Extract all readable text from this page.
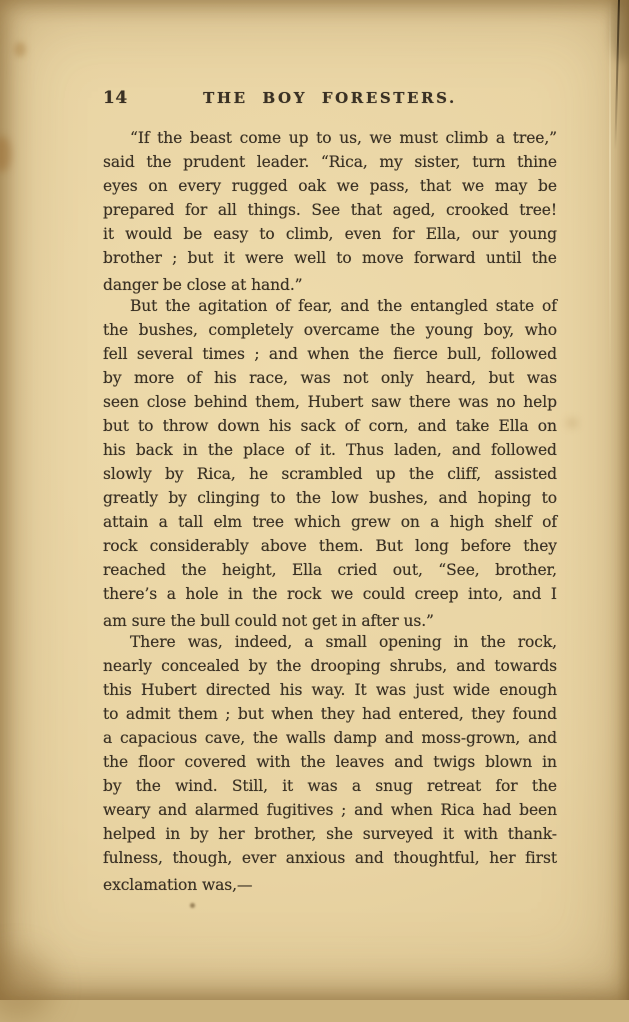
14	THE BOY FORESTERS.
“If the beast come up to us, we must climb a tree,”
said the prudent leader. “Rica, my sister, turn thine
eyes on every rugged oak we pass, that we may be
prepared for all things. See that aged, crooked tree!
it would be easy to climb, even for Ella, our young
brother ; but it were well to move forward until the
danger be close at hand.”
But the agitation of fear, and the entangled state of
the bushes, completely overcame the young boy, who
fell several times ; and when the fierce bull, followed
by more of his race, was not only heard, but was
seen close behind them, Hubert saw there was no help
but to throw down his sack of corn, and take Ella on
his back in the place of it. Thus laden, and followed
slowly by Rica, he scrambled up the cliff, assisted
greatly by clinging to the low bushes, and hoping to
attain a tall elm tree which grew on a high shelf of
rock considerably above them. But long before they
reached the height, Ella cried out, “See, brother,
there’s a hole in the rock we could creep into, and I
am sure the bull could not get in after us.”
There was, indeed, a small opening in the rock,
nearly concealed by the drooping shrubs, and towards
this Hubert directed his way. It was just wide enough
to admit them ; but when they had entered, they found
a capacious cave, the walls damp and moss-grown, and
the floor covered with the leaves and twigs blown in
by the wind. Still, it was a snug retreat for the
weary and alarmed fugitives ; and when Rica had been
helped in by her brother, she surveyed it with thank-
fulness, though, ever anxious and thoughtful, her first
exclamation was,—
